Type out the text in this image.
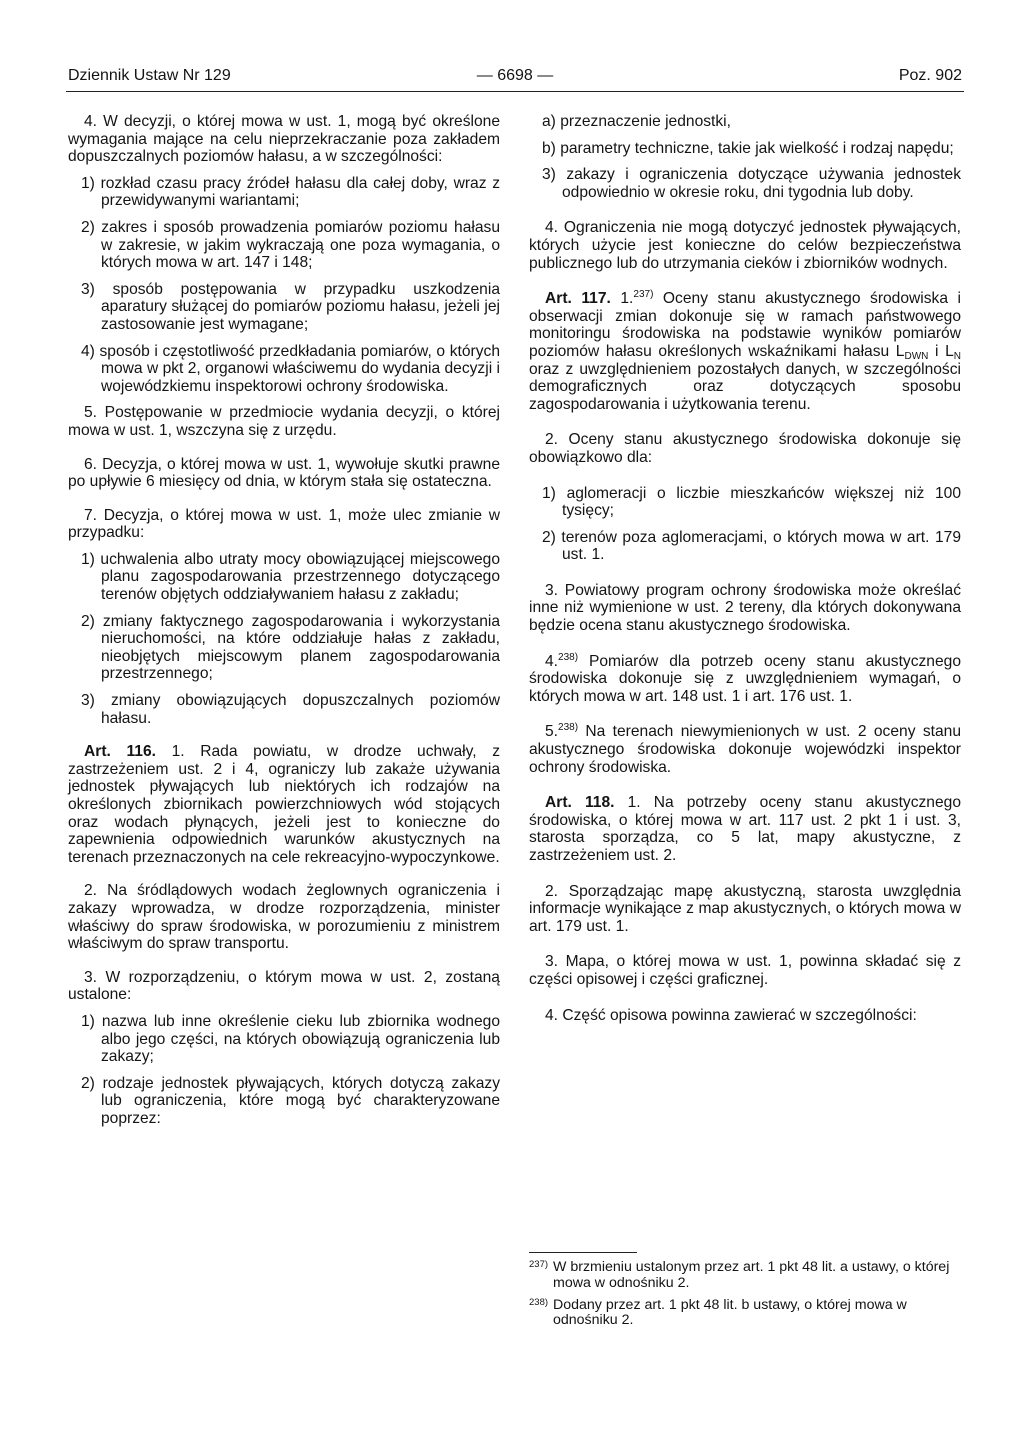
Dziennik Ustaw Nr 129	— 6698 —	Poz. 902

4. W decyzji, o której mowa w ust. 1, mogą być określone wymagania mające na celu nieprzekraczanie poza zakładem dopuszczalnych poziomów hałasu, a w szczególności:

1) rozkład czasu pracy źródeł hałasu dla całej doby, wraz z przewidywanymi wariantami;

2) zakres i sposób prowadzenia pomiarów poziomu hałasu w zakresie, w jakim wykraczają one poza wymagania, o których mowa w art. 147 i 148;

3) sposób postępowania w przypadku uszkodzenia aparatury służącej do pomiarów poziomu hałasu, jeżeli jej zastosowanie jest wymagane;

4) sposób i częstotliwość przedkładania pomiarów, o których mowa w pkt 2, organowi właściwemu do wydania decyzji i wojewódzkiemu inspektorowi ochrony środowiska.

5. Postępowanie w przedmiocie wydania decyzji, o której mowa w ust. 1, wszczyna się z urzędu.

6. Decyzja, o której mowa w ust. 1, wywołuje skutki prawne po upływie 6 miesięcy od dnia, w którym stała się ostateczna.

7. Decyzja, o której mowa w ust. 1, może ulec zmianie w przypadku:

1) uchwalenia albo utraty mocy obowiązującej miejscowego planu zagospodarowania przestrzennego dotyczącego terenów objętych oddziaływaniem hałasu z zakładu;

2) zmiany faktycznego zagospodarowania i wykorzystania nieruchomości, na które oddziałuje hałas z zakładu, nieobjętych miejscowym planem zagospodarowania przestrzennego;

3) zmiany obowiązujących dopuszczalnych poziomów hałasu.

Art. 116. 1. Rada powiatu, w drodze uchwały, z zastrzeżeniem ust. 2 i 4, ograniczy lub zakaże używania jednostek pływających lub niektórych ich rodzajów na określonych zbiornikach powierzchniowych wód stojących oraz wodach płynących, jeżeli jest to konieczne do zapewnienia odpowiednich warunków akustycznych na terenach przeznaczonych na cele rekreacyjno-wypoczynkowe.

2. Na śródlądowych wodach żeglownych ograniczenia i zakazy wprowadza, w drodze rozporządzenia, minister właściwy do spraw środowiska, w porozumieniu z ministrem właściwym do spraw transportu.

3. W rozporządzeniu, o którym mowa w ust. 2, zostaną ustalone:

1) nazwa lub inne określenie cieku lub zbiornika wodnego albo jego części, na których obowiązują ograniczenia lub zakazy;

2) rodzaje jednostek pływających, których dotyczą zakazy lub ograniczenia, które mogą być charakteryzowane poprzez:

a) przeznaczenie jednostki,

b) parametry techniczne, takie jak wielkość i rodzaj napędu;

3) zakazy i ograniczenia dotyczące używania jednostek odpowiednio w okresie roku, dni tygodnia lub doby.

4. Ograniczenia nie mogą dotyczyć jednostek pływających, których użycie jest konieczne do celów bezpieczeństwa publicznego lub do utrzymania cieków i zbiorników wodnych.

Art. 117. 1.$^{237)}$ Oceny stanu akustycznego środowiska i obserwacji zmian dokonuje się w ramach państwowego monitoringu środowiska na podstawie wyników pomiarów poziomów hałasu określonych wskaźnikami hałasu $L_{DWN}$ i $L_N$ oraz z uwzględnieniem pozostałych danych, w szczególności demograficznych oraz dotyczących sposobu zagospodarowania i użytkowania terenu.

2. Oceny stanu akustycznego środowiska dokonuje się obowiązkowo dla:

1) aglomeracji o liczbie mieszkańców większej niż 100 tysięcy;

2) terenów poza aglomeracjami, o których mowa w art. 179 ust. 1.

3. Powiatowy program ochrony środowiska może określać inne niż wymienione w ust. 2 tereny, dla których dokonywana będzie ocena stanu akustycznego środowiska.

4.$^{238)}$ Pomiarów dla potrzeb oceny stanu akustycznego środowiska dokonuje się z uwzględnieniem wymagań, o których mowa w art. 148 ust. 1 i art. 176 ust. 1.

5.$^{238)}$ Na terenach niewymienionych w ust. 2 oceny stanu akustycznego środowiska dokonuje wojewódzki inspektor ochrony środowiska.

Art. 118. 1. Na potrzeby oceny stanu akustycznego środowiska, o której mowa w art. 117 ust. 2 pkt 1 i ust. 3, starosta sporządza, co 5 lat, mapy akustyczne, z zastrzeżeniem ust. 2.

2. Sporządzając mapę akustyczną, starosta uwzględnia informacje wynikające z map akustycznych, o których mowa w art. 179 ust. 1.

3. Mapa, o której mowa w ust. 1, powinna składać się z części opisowej i części graficznej.

4. Część opisowa powinna zawierać w szczególności:

237) W brzmieniu ustalonym przez art. 1 pkt 48 lit. a ustawy, o której mowa w odnośniku 2.
238) Dodany przez art. 1 pkt 48 lit. b ustawy, o której mowa w odnośniku 2.
